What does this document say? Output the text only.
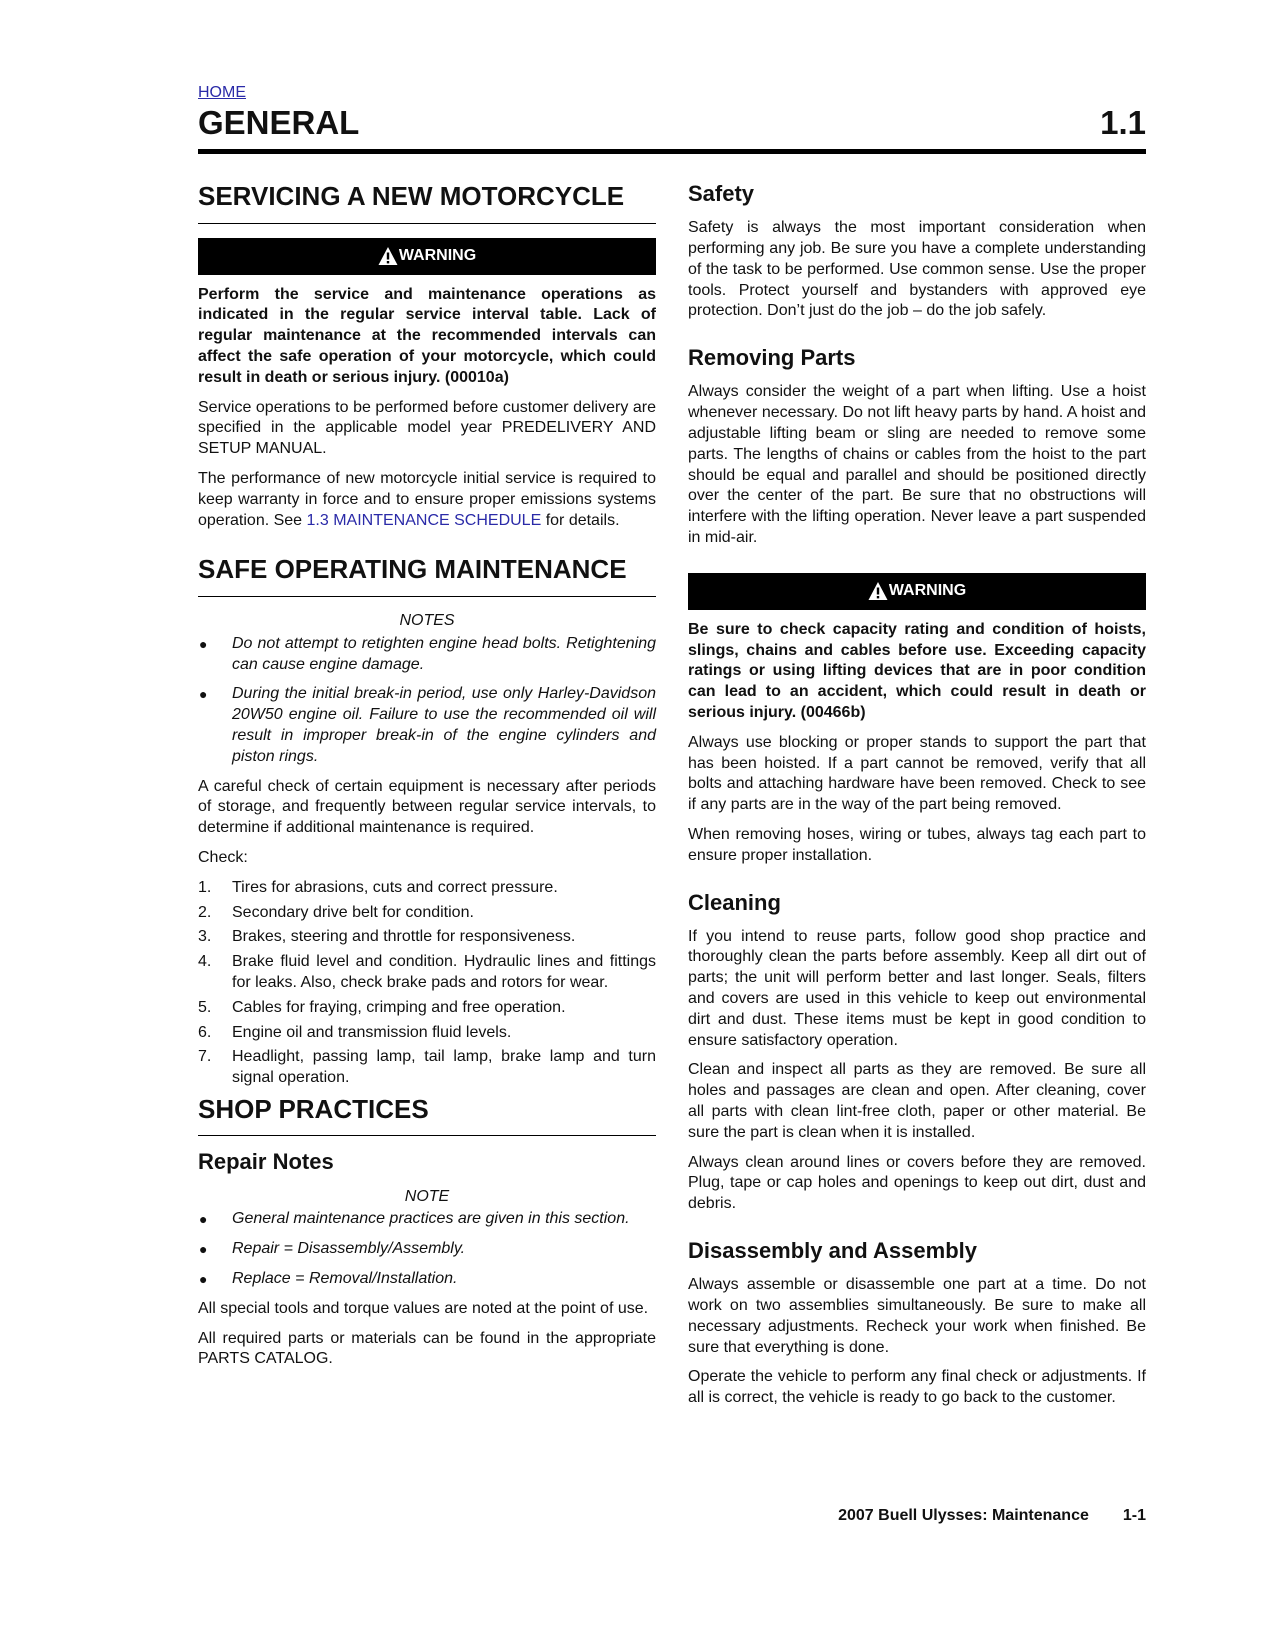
HOME
GENERAL	1.1
SERVICING A NEW MOTORCYCLE
WARNING

Perform the service and maintenance operations as indicated in the regular service interval table. Lack of regular maintenance at the recommended intervals can affect the safe operation of your motorcycle, which could result in death or serious injury. (00010a)

Service operations to be performed before customer delivery are specified in the applicable model year PREDELIVERY AND SETUP MANUAL.

The performance of new motorcycle initial service is required to keep warranty in force and to ensure proper emissions systems operation. See 1.3 MAINTENANCE SCHEDULE for details.

SAFE OPERATING MAINTENANCE
NOTES
● Do not attempt to retighten engine head bolts. Retightening can cause engine damage.
● During the initial break-in period, use only Harley-Davidson 20W50 engine oil. Failure to use the recommended oil will result in improper break-in of the engine cylinders and piston rings.

A careful check of certain equipment is necessary after periods of storage, and frequently between regular service intervals, to determine if additional maintenance is required.

Check:

1. Tires for abrasions, cuts and correct pressure.
2. Secondary drive belt for condition.
3. Brakes, steering and throttle for responsiveness.
4. Brake fluid level and condition. Hydraulic lines and fittings for leaks. Also, check brake pads and rotors for wear.
5. Cables for fraying, crimping and free operation.
6. Engine oil and transmission fluid levels.
7. Headlight, passing lamp, tail lamp, brake lamp and turn signal operation.
SHOP PRACTICES
Repair Notes
NOTE
● General maintenance practices are given in this section.
● Repair = Disassembly/Assembly.
● Replace = Removal/Installation.

All special tools and torque values are noted at the point of use.

All required parts or materials can be found in the appropriate PARTS CATALOG.

Safety

Safety is always the most important consideration when performing any job. Be sure you have a complete understanding of the task to be performed. Use common sense. Use the proper tools. Protect yourself and bystanders with approved eye protection. Don’t just do the job – do the job safely.

Removing Parts

Always consider the weight of a part when lifting. Use a hoist whenever necessary. Do not lift heavy parts by hand. A hoist and adjustable lifting beam or sling are needed to remove some parts. The lengths of chains or cables from the hoist to the part should be equal and parallel and should be positioned directly over the center of the part. Be sure that no obstructions will interfere with the lifting operation. Never leave a part suspended in mid-air.

WARNING

Be sure to check capacity rating and condition of hoists, slings, chains and cables before use. Exceeding capacity ratings or using lifting devices that are in poor condition can lead to an accident, which could result in death or serious injury. (00466b)

Always use blocking or proper stands to support the part that has been hoisted. If a part cannot be removed, verify that all bolts and attaching hardware have been removed. Check to see if any parts are in the way of the part being removed.

When removing hoses, wiring or tubes, always tag each part to ensure proper installation.

Cleaning

If you intend to reuse parts, follow good shop practice and thoroughly clean the parts before assembly. Keep all dirt out of parts; the unit will perform better and last longer. Seals, filters and covers are used in this vehicle to keep out environmental dirt and dust. These items must be kept in good condition to ensure satisfactory operation.

Clean and inspect all parts as they are removed. Be sure all holes and passages are clean and open. After cleaning, cover all parts with clean lint-free cloth, paper or other material. Be sure the part is clean when it is installed.

Always clean around lines or covers before they are removed. Plug, tape or cap holes and openings to keep out dirt, dust and debris.

Disassembly and Assembly

Always assemble or disassemble one part at a time. Do not work on two assemblies simultaneously. Be sure to make all necessary adjustments. Recheck your work when finished. Be sure that everything is done.

Operate the vehicle to perform any final check or adjustments. If all is correct, the vehicle is ready to go back to the customer.

2007 Buell Ulysses: Maintenance 1-1
